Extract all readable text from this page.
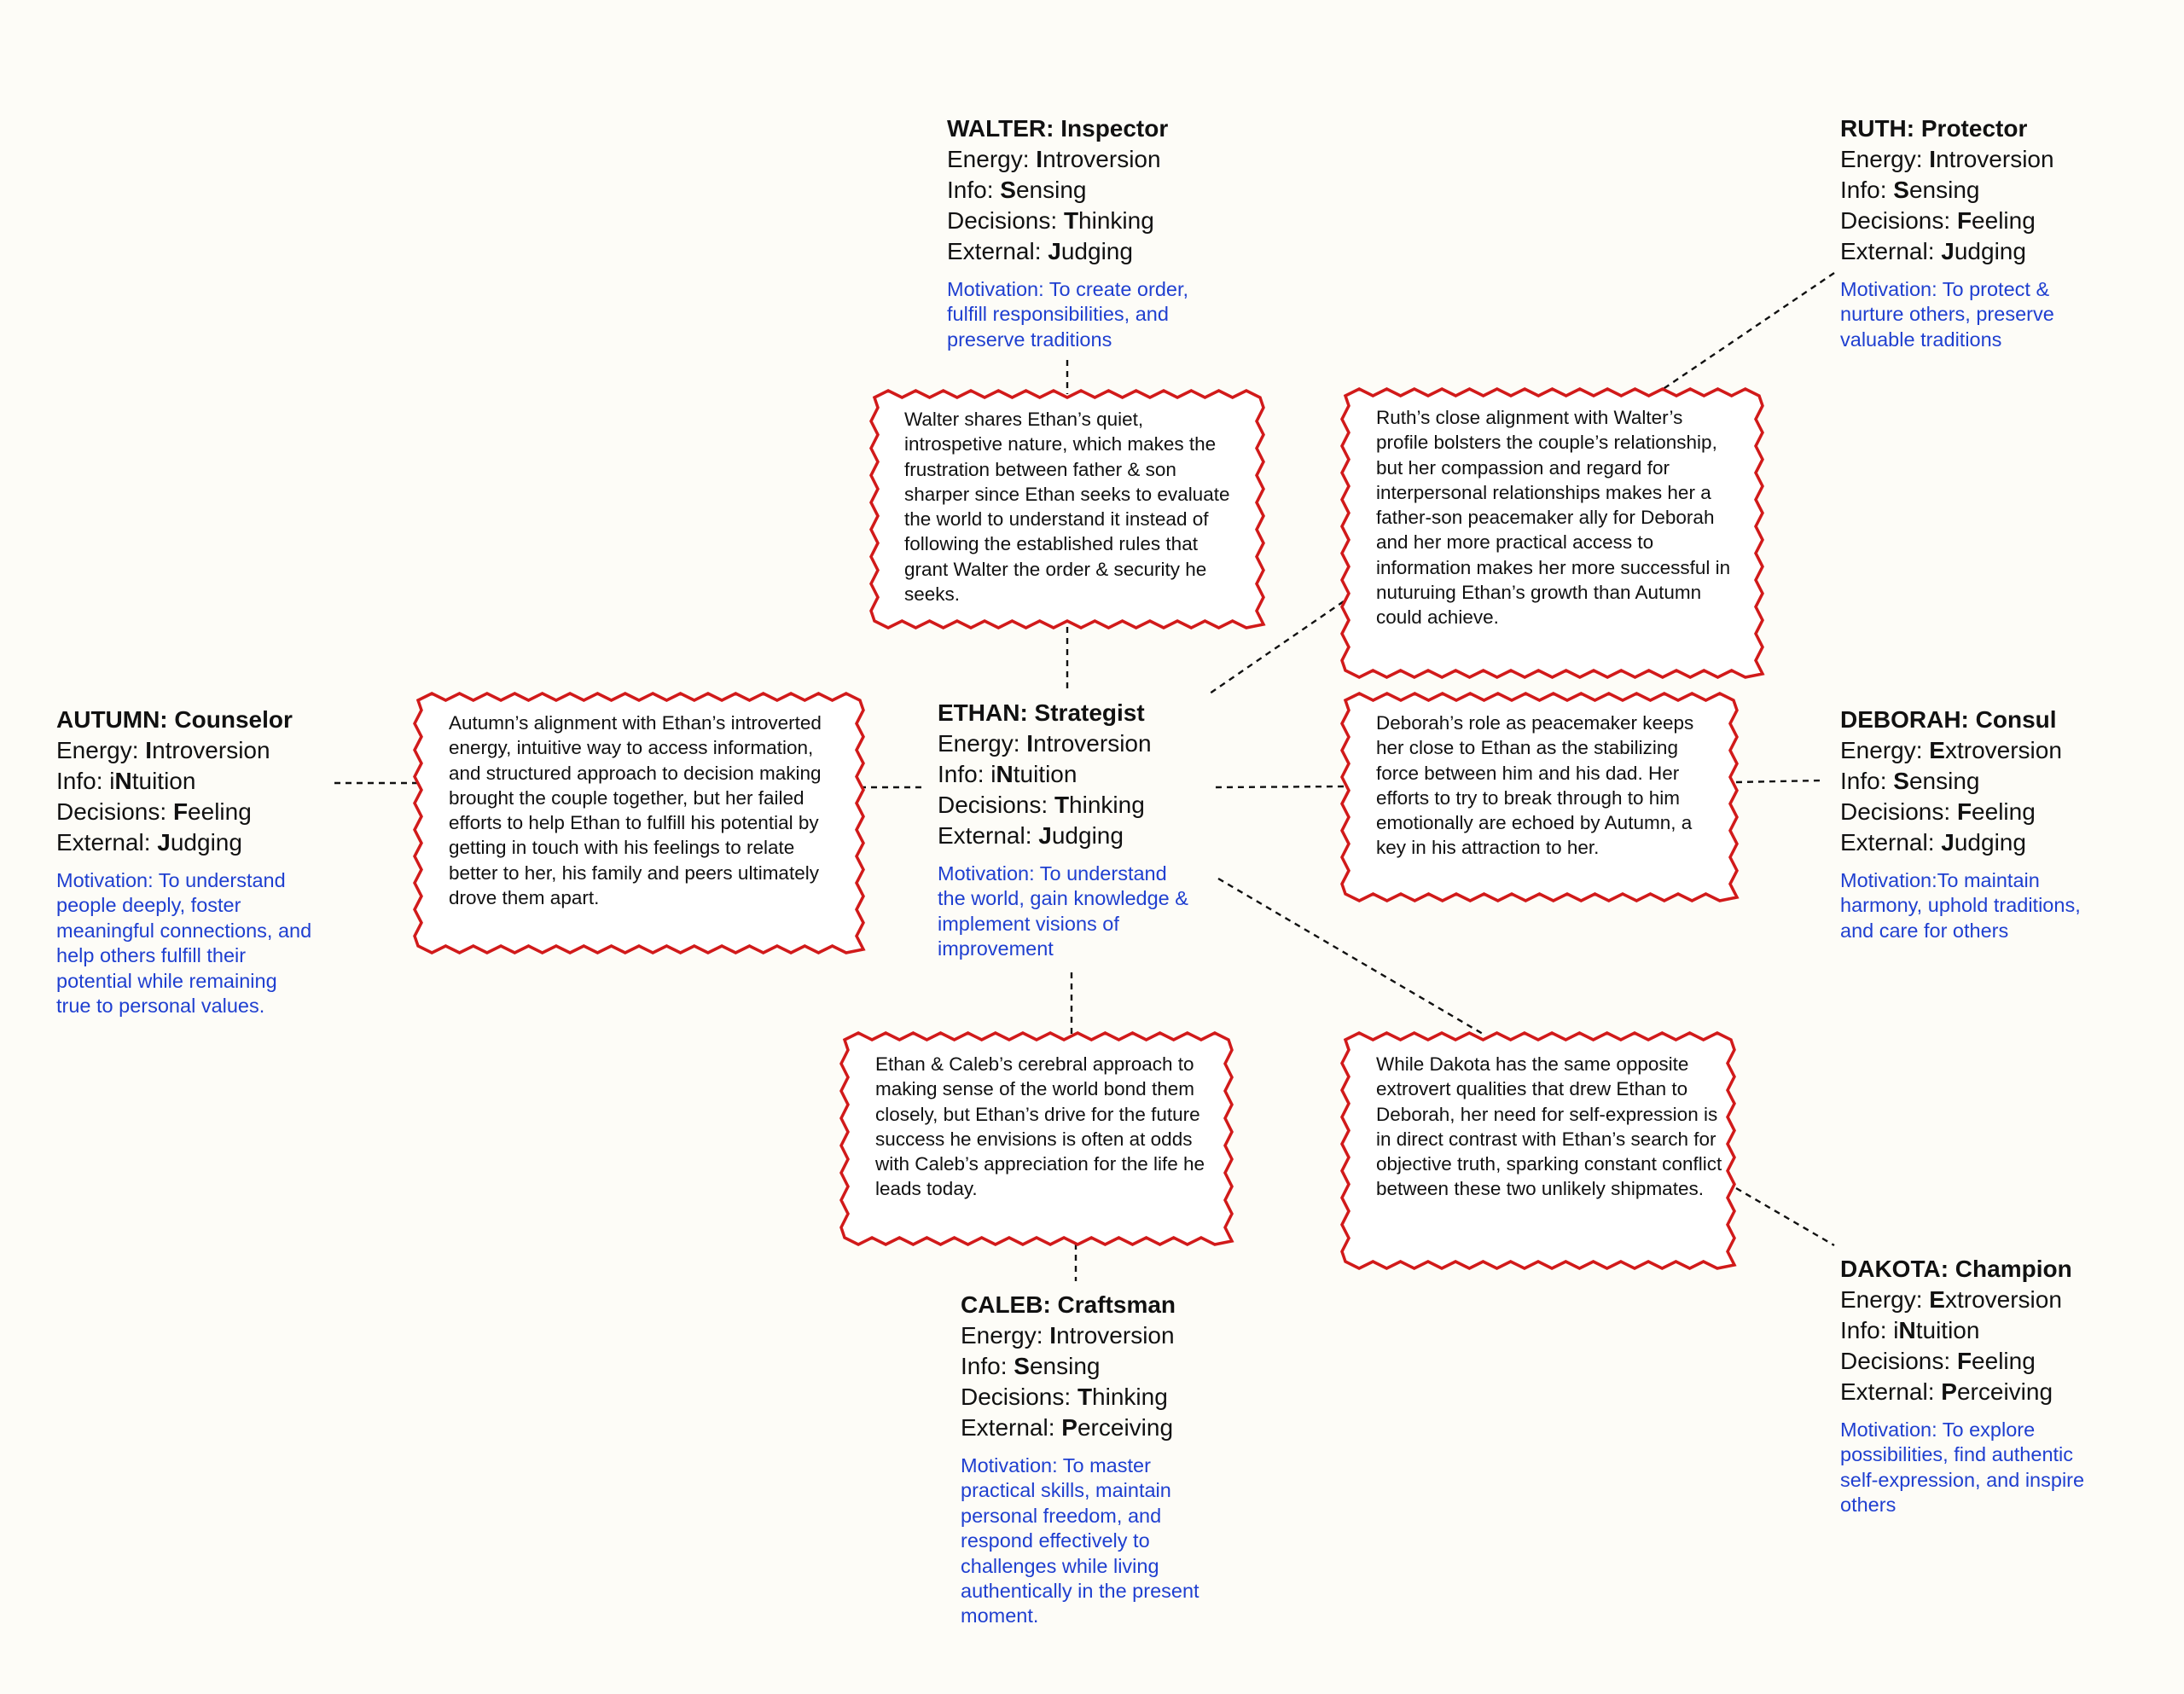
WALTER: Inspector
Energy: Introversion
Info: Sensing
Decisions: Thinking
External: Judging
Motivation: To create order, fulfill responsibilities, and preserve traditions
RUTH: Protector
Energy: Introversion
Info: Sensing
Decisions: Feeling
External: Judging
Motivation: To protect & nurture others, preserve valuable traditions
AUTUMN: Counselor
Energy: Introversion
Info: iNtuition
Decisions: Feeling
External: Judging
Motivation: To understand people deeply, foster meaningful connections, and help others fulfill their potential while remaining true to personal values.
ETHAN: Strategist
Energy: Introversion
Info: iNtuition
Decisions: Thinking
External: Judging
Motivation: To understand the world, gain knowledge & implement visions of improvement
DEBORAH: Consul
Energy: Extroversion
Info: Sensing
Decisions: Feeling
External: Judging
Motivation:To maintain harmony, uphold traditions, and care for others
CALEB: Craftsman
Energy: Introversion
Info: Sensing
Decisions: Thinking
External: Perceiving
Motivation: To master practical skills, maintain personal freedom, and respond effectively to challenges while living authentically in the present moment.
DAKOTA: Champion
Energy: Extroversion
Info: iNtuition
Decisions: Feeling
External: Perceiving
Motivation: To explore possibilities, find authentic self-expression, and inspire others
Walter shares Ethan’s quiet, introspetive nature, which makes the frustration between father & son sharper since Ethan seeks to evaluate the world to understand it instead of following the established rules that grant Walter the order & security he seeks.
Ruth’s close alignment with Walter’s profile bolsters the couple’s relationship, but her compassion and regard for interpersonal relationships makes her a father-son peacemaker ally for Deborah and her more practical access to information makes her more successful in nuturuing Ethan’s growth than Autumn could achieve.
Autumn’s alignment with Ethan’s introverted energy, intuitive way to access information, and structured approach to decision making brought the couple together, but her failed efforts to help Ethan to fulfill his potential by getting in touch with his feelings to relate better to her, his family and peers ultimately drove them apart.
Deborah’s role as peacemaker keeps her close to Ethan as the stabilizing force between him and his dad. Her efforts to try to break through to him emotionally are echoed by Autumn, a key in his attraction to her.
Ethan & Caleb’s cerebral approach to making sense of the world bond them closely, but Ethan’s drive for the future success he envisions is often at odds with Caleb’s appreciation for the life he leads today.
While Dakota has the same opposite extrovert qualities that drew Ethan to Deborah, her need for self-expression is in direct contrast with Ethan’s search for objective truth, sparking constant conflict between these two unlikely shipmates.
